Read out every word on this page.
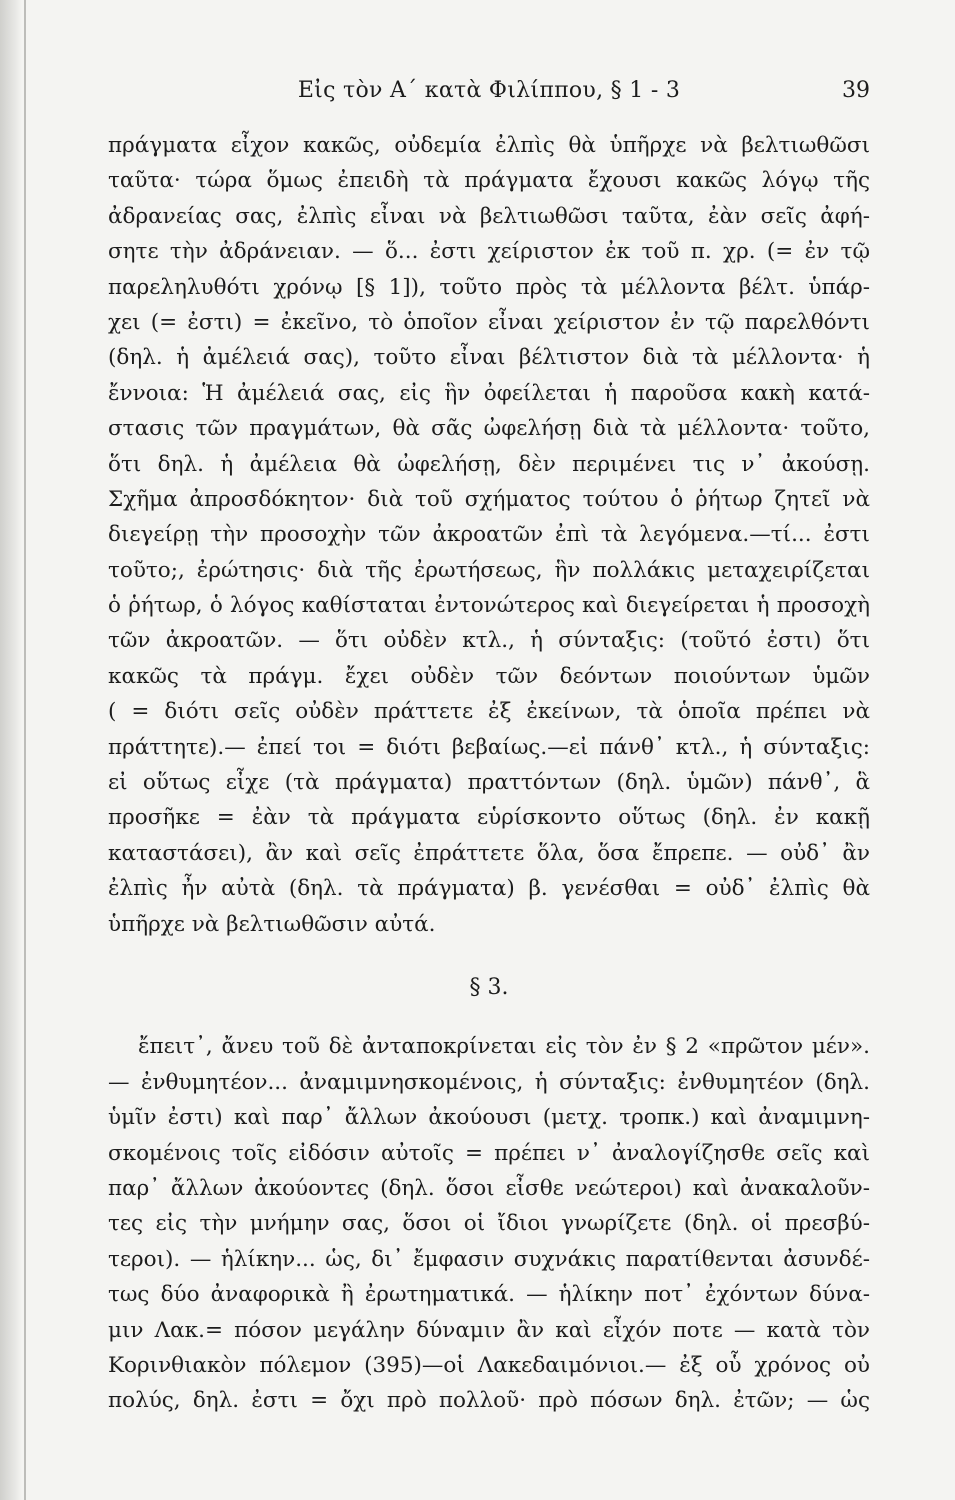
Εἰς τὸν Α΄ κατὰ Φιλίππου, § 1 - 3	39
πράγματα εἶχον κακῶς, οὐδεμία ἐλπὶς θὰ ὑπῆρχε νὰ βελτιωθῶσι
ταῦτα· τώρα ὅμως ἐπειδὴ τὰ πράγματα ἔχουσι κακῶς λόγῳ τῆς
ἀδρανείας σας, ἐλπὶς εἶναι νὰ βελτιωθῶσι ταῦτα, ἐὰν σεῖς ἀφή-
σητε τὴν ἀδράνειαν. — ὅ... ἐστι χείριστον ἐκ τοῦ π. χρ. (= ἐν τῷ
παρεληλυθότι χρόνῳ [§ 1]), τοῦτο πρὸς τὰ μέλλοντα βέλτ. ὑπάρ-
χει (= ἐστι) = ἐκεῖνο, τὸ ὁποῖον εἶναι χείριστον ἐν τῷ παρελθόντι
(δηλ. ἡ ἀμέλειά σας), τοῦτο εἶναι βέλτιστον διὰ τὰ μέλλοντα· ἡ
ἔννοια: Ἡ ἀμέλειά σας, εἰς ἣν ὀφείλεται ἡ παροῦσα κακὴ κατά-
στασις τῶν πραγμάτων, θὰ σᾶς ὠφελήσῃ διὰ τὰ μέλλοντα· τοῦτο,
ὅτι δηλ. ἡ ἀμέλεια θὰ ὠφελήσῃ, δὲν περιμένει τις ν᾿ ἀκούσῃ.
Σχῆμα ἀπροσδόκητον· διὰ τοῦ σχήματος τούτου ὁ ῥήτωρ ζητεῖ νὰ
διεγείρῃ τὴν προσοχὴν τῶν ἀκροατῶν ἐπὶ τὰ λεγόμενα.—τί... ἐστι
τοῦτο;, ἐρώτησις· διὰ τῆς ἐρωτήσεως, ἣν πολλάκις μεταχειρίζεται
ὁ ῥήτωρ, ὁ λόγος καθίσταται ἐντονώτερος καὶ διεγείρεται ἡ προσοχὴ
τῶν ἀκροατῶν. — ὅτι οὐδὲν κτλ., ἡ σύνταξις: (τοῦτό ἐστι) ὅτι
κακῶς τὰ πράγμ. ἔχει οὐδὲν τῶν δεόντων ποιούντων ὑμῶν
( = διότι σεῖς οὐδὲν πράττετε ἐξ ἐκείνων, τὰ ὁποῖα πρέπει νὰ
πράττητε).— ἐπεί τοι = διότι βεβαίως.—εἰ πάνθ᾿ κτλ., ἡ σύνταξις:
εἰ οὕτως εἶχε (τὰ πράγματα) πραττόντων (δηλ. ὑμῶν) πάνθ᾿, ἃ
προσῆκε = ἐὰν τὰ πράγματα εὑρίσκοντο οὕτως (δηλ. ἐν κακῇ
καταστάσει), ἂν καὶ σεῖς ἐπράττετε ὅλα, ὅσα ἔπρεπε. — οὐδ᾿ ἂν
ἐλπὶς ἦν αὐτὰ (δηλ. τὰ πράγματα) β. γενέσθαι = οὐδ᾿ ἐλπὶς θὰ
ὑπῆρχε νὰ βελτιωθῶσιν αὐτά.
§ 3.
ἔπειτ᾿, ἄνευ τοῦ δὲ ἀνταποκρίνεται εἰς τὸν ἐν § 2 «πρῶτον μέν».
— ἐνθυμητέον... ἀναμιμνησκομένοις, ἡ σύνταξις: ἐνθυμητέον (δηλ.
ὑμῖν ἐστι) καὶ παρ᾿ ἄλλων ἀκούουσι (μετχ. τροπκ.) καὶ ἀναμιμνη-
σκομένοις τοῖς εἰδόσιν αὐτοῖς = πρέπει ν᾿ ἀναλογίζησθε σεῖς καὶ
παρ᾿ ἄλλων ἀκούοντες (δηλ. ὅσοι εἶσθε νεώτεροι) καὶ ἀνακαλοῦν-
τες εἰς τὴν μνήμην σας, ὅσοι οἱ ἴδιοι γνωρίζετε (δηλ. οἱ πρεσβύ-
τεροι). — ἡλίκην... ὡς, δι᾿ ἔμφασιν συχνάκις παρατίθενται ἀσυνδέ-
τως δύο ἀναφορικὰ ἢ ἐρωτηματικά. — ἡλίκην ποτ᾿ ἐχόντων δύνα-
μιν Λακ.= πόσον μεγάλην δύναμιν ἂν καὶ εἶχόν ποτε — κατὰ τὸν
Κορινθιακὸν πόλεμον (395)—οἱ Λακεδαιμόνιοι.— ἐξ οὗ χρόνος οὐ
πολύς, δηλ. ἐστι = ὄχι πρὸ πολλοῦ· πρὸ πόσων δηλ. ἐτῶν; — ὡς
